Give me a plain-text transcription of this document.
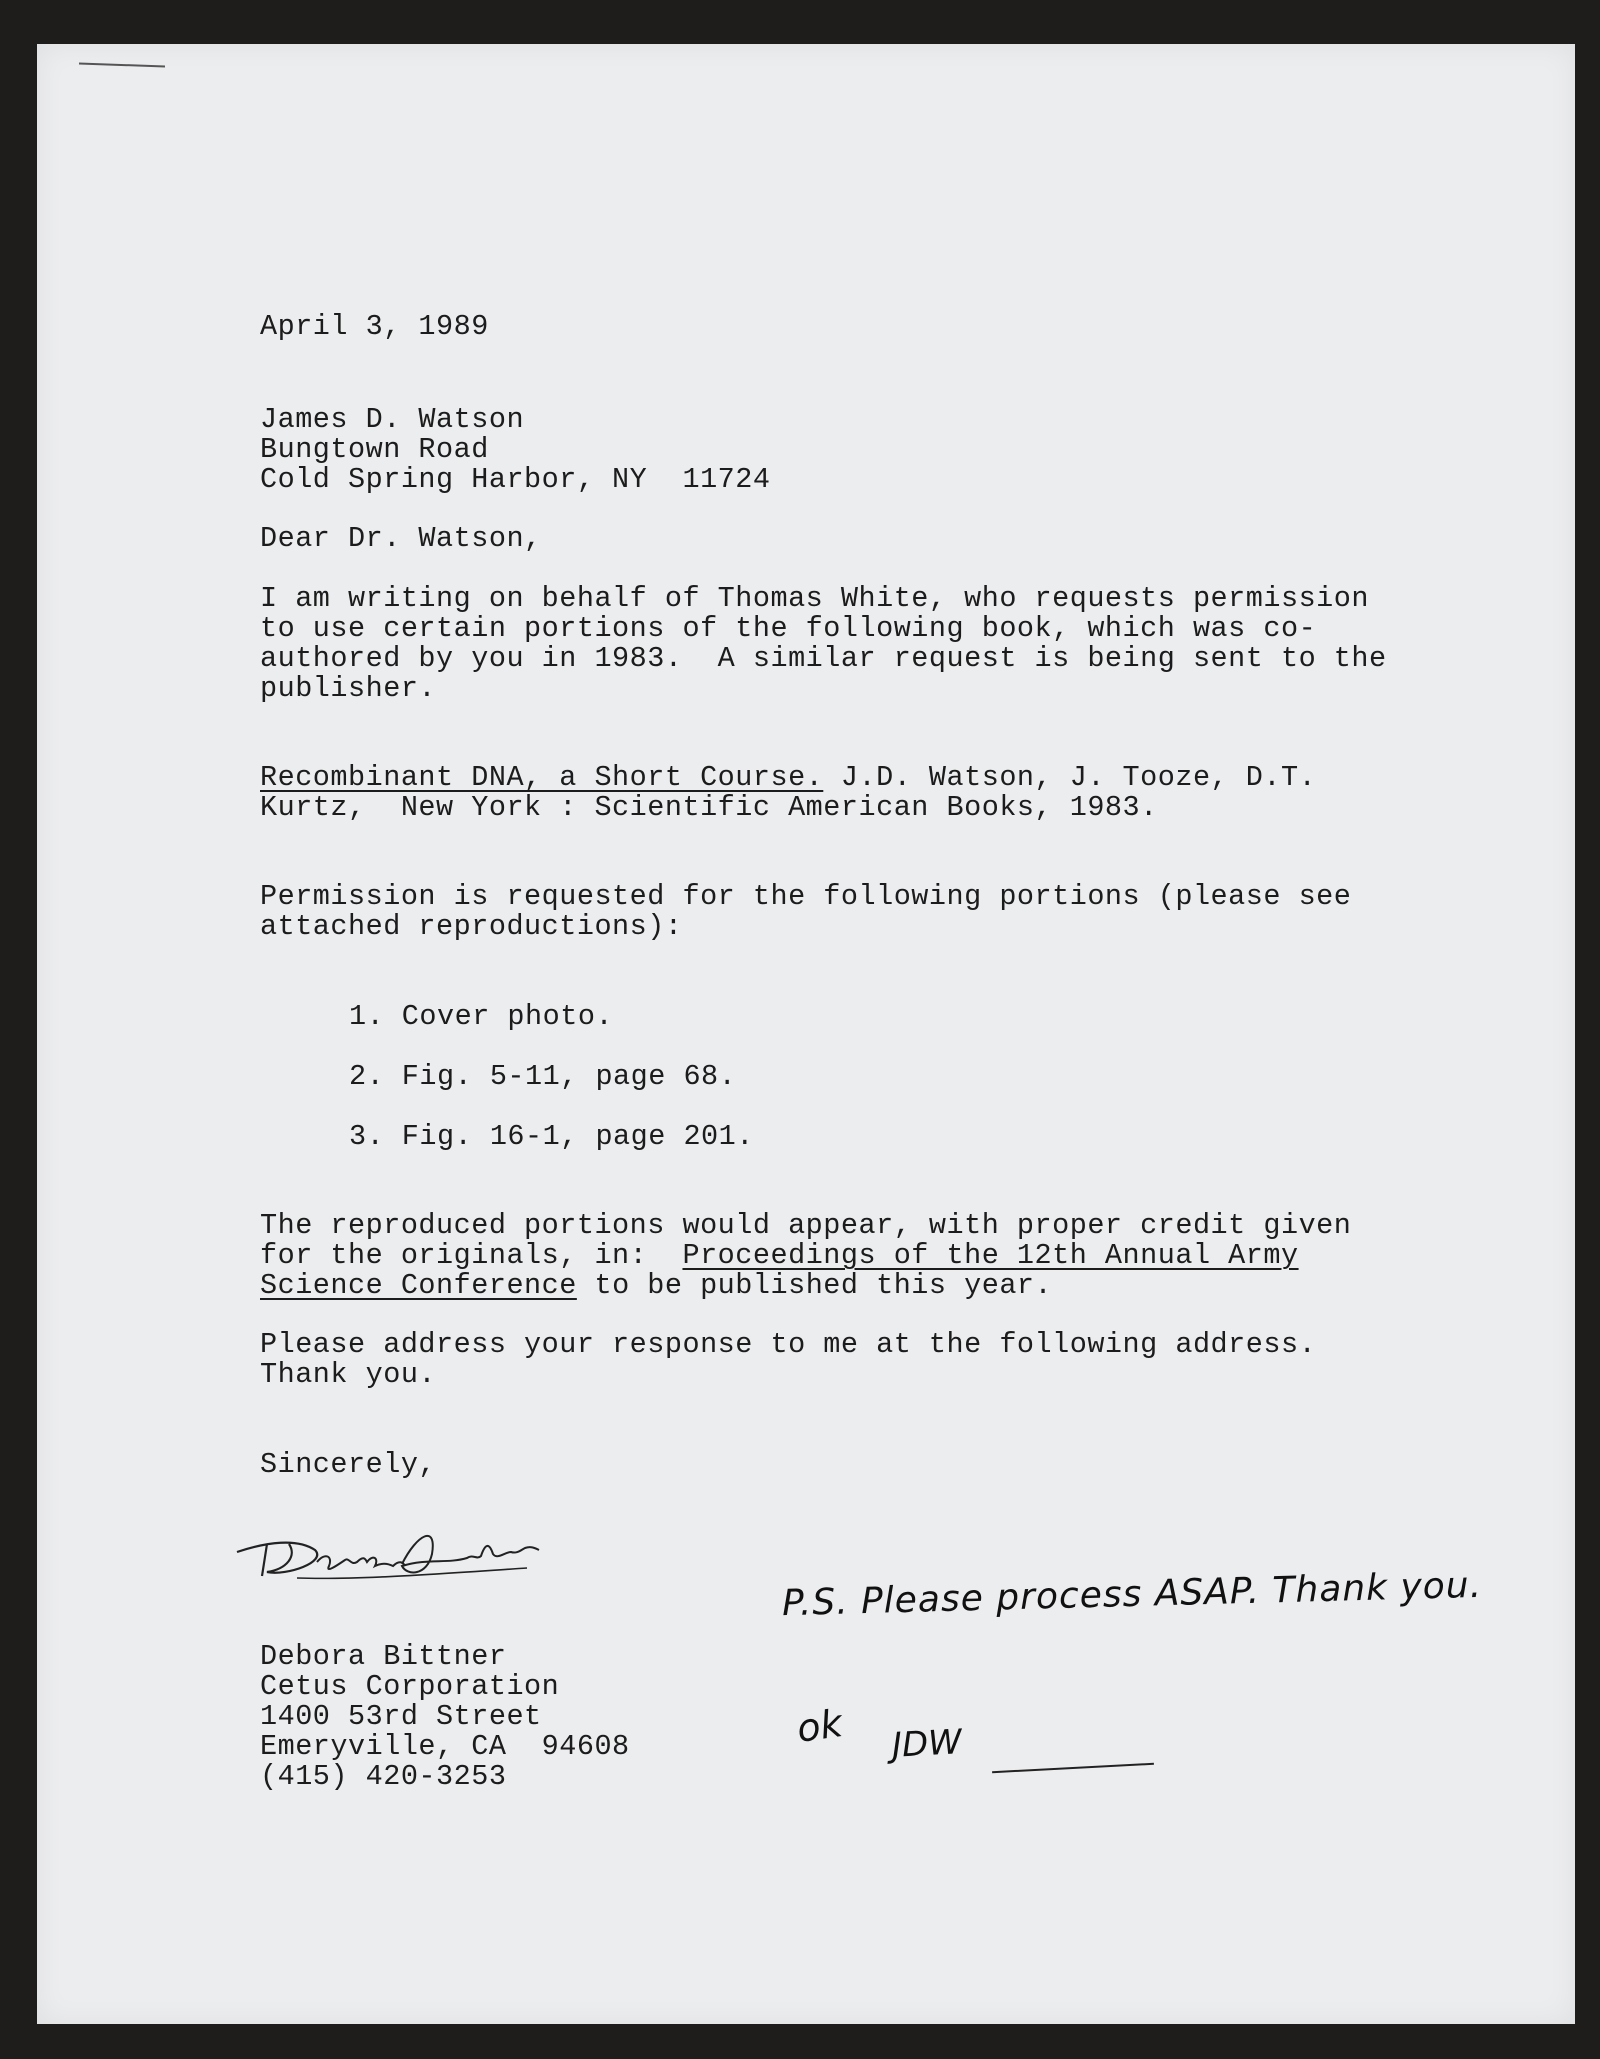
April 3, 1989
James D. Watson
Bungtown Road
Cold Spring Harbor, NY  11724
Dear Dr. Watson,
I am writing on behalf of Thomas White, who requests permission
to use certain portions of the following book, which was co-
authored by you in 1983.  A similar request is being sent to the
publisher.
Recombinant DNA, a Short Course. J.D. Watson, J. Tooze, D.T.
Kurtz,  New York : Scientific American Books, 1983.
Permission is requested for the following portions (please see
attached reproductions):
1. Cover photo.
2. Fig. 5-11, page 68.
3. Fig. 16-1, page 201.
The reproduced portions would appear, with proper credit given
for the originals, in:  Proceedings of the 12th Annual Army
Science Conference to be published this year.
Please address your response to me at the following address.
Thank you.
Sincerely,
Debora Bittner
Cetus Corporation
1400 53rd Street
Emeryville, CA  94608
(415) 420-3253
P.S. Please process ASAP. Thank you.
ok JDW
